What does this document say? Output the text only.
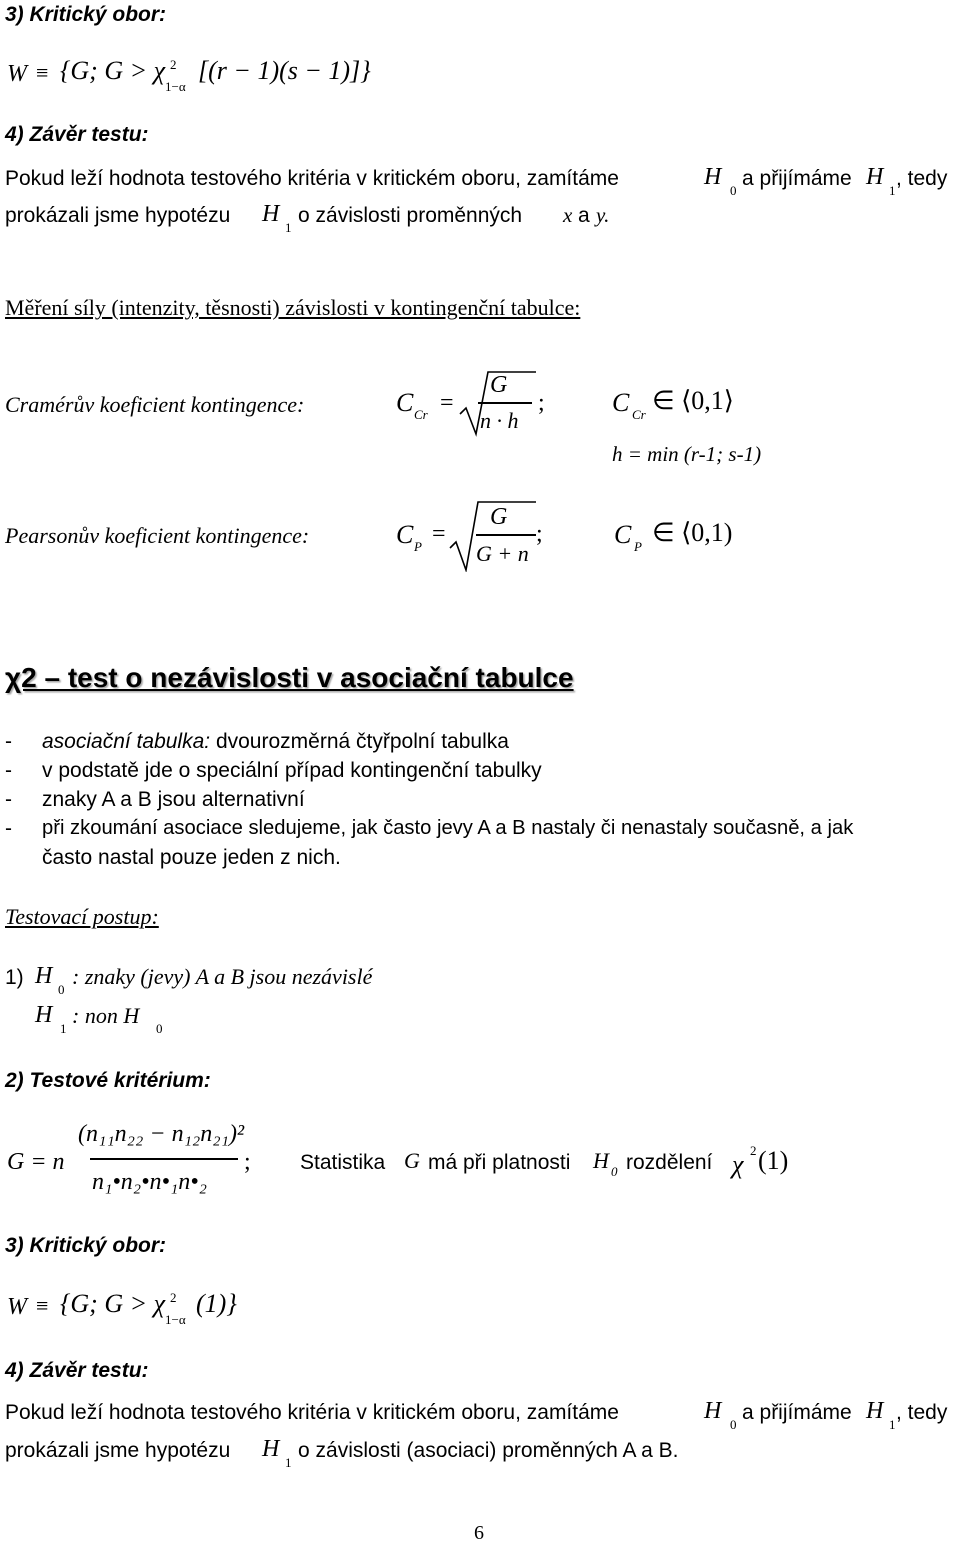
3) Kritický obor:
W ≡ {G; G > χ 2
1−α
[(r − 1)(s − 1)]}
4) Závěr testu:
Pokud leží hodnota testového kritéria v kritickém oboru, zamítáme	H
0
a přijímáme H
1
, tedy
prokázali jsme hypotézu H
1
o závislosti proměnných x a y.
Měření síly (intenzity, těsnosti) závislosti v kontingenční tabulce:
Cramérův koeficient kontingence:	C Cr =
G
n · h
;	C Cr ∈ ⟨0,1⟩
h = min (r-1; s-1)
Pearsonův koeficient kontingence:	C P =
G
G + n
;	C P ∈ ⟨0,1)
χ2 – test o nezávislosti v asociační tabulce
- asociační tabulka: dvourozměrná čtyřpolní tabulka
- v podstatě jde o speciální případ kontingenční tabulky
- znaky A a B jsou alternativní
- při zkoumání asociace sledujeme, jak často jevy A a B nastaly či nenastaly současně, a jak
často nastal pouze jeden z nich.
Testovací postup:
1) H
0
: znaky (jevy) A a B jsou nezávislé
H
1
: non H
0
2) Testové kritérium:
G = n
(n₁₁n₂₂ − n₁₂n₂₁)²
n₁•n₂•n•₁n•₂
; Statistika G má při platnosti H 0 rozdělení χ 2 (1)
3) Kritický obor:
W ≡ {G; G > χ 2
1−α
(1)}
4) Závěr testu:
Pokud leží hodnota testového kritéria v kritickém oboru, zamítáme	H
0
a přijímáme H
1
, tedy
prokázali jsme hypotézu H
1
o závislosti (asociaci) proměnných A a B.
6
